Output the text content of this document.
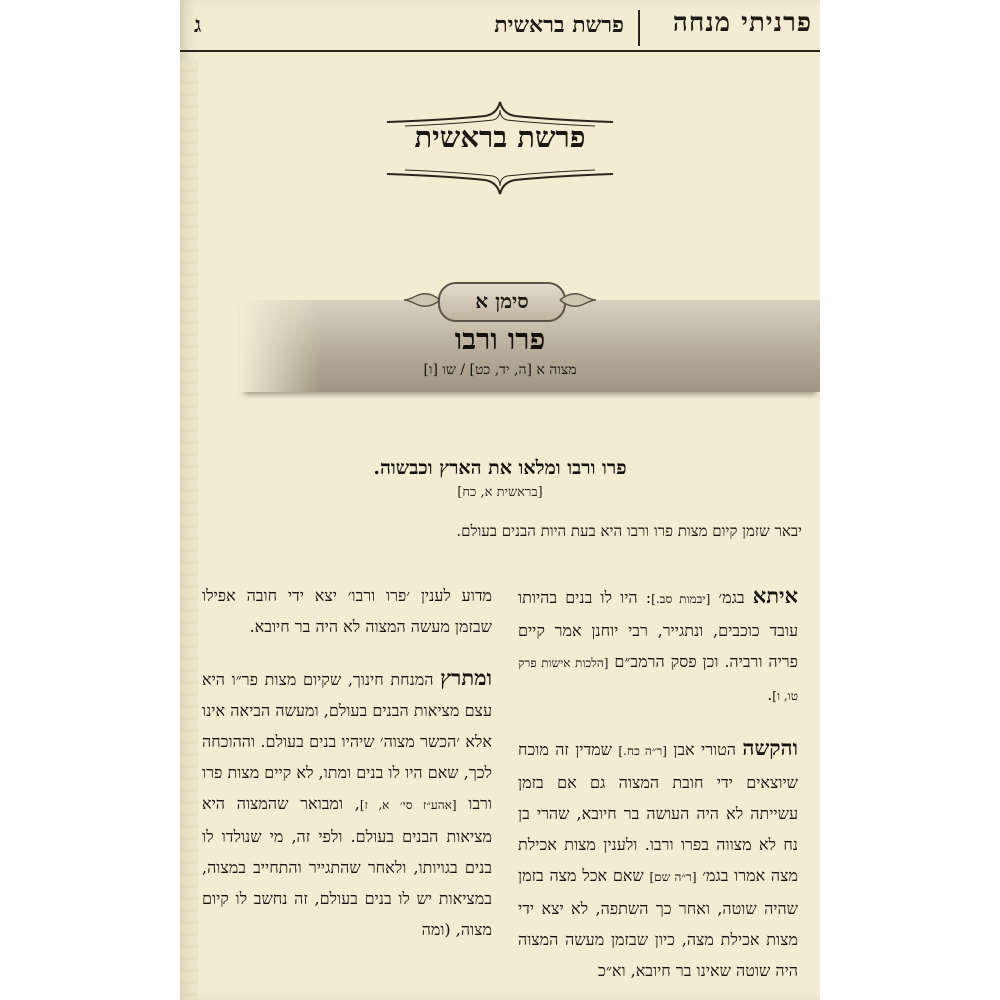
פרניתי מנחה
פרשת בראשית
ג
פרשת בראשית
סימן א
פרו ורבו
מצוה א [ה, יד, כט] / שו [ו]
פרו ורבו ומלאו את הארץ וכבשוה.
[בראשית א, כח]
יבאר שזמן קיום מצות פרו ורבו היא בעת היות הבנים בעולם.

איתא בגמ׳ [יבמות סב.]: היו לו בנים בהיותו עובד כוכבים, ונתגייר, רבי יוחנן אמר קיים פריה ורביה. וכן פסק הרמב״ם [הלכות אישות פרק טו, ו].

והקשה הטורי אבן [ר״ה כח.] שמדין זה מוכח שיוצאים ידי חובת המצוה גם אם בזמן עשייתה לא היה העושה בר חיובא, שהרי בן נח לא מצווה בפרו ורבו. ולענין מצות אכילת מצה אמרו בגמ׳ [ר״ה שם] שאם אכל מצה בזמן שהיה שוטה, ואחר כך השתפה, לא יצא ידי מצות אכילת מצה, כיון שבזמן מעשה המצוה היה שוטה שאינו בר חיובא, וא״כ

מדוע לענין ׳פרו ורבו׳ יצא ידי חובה אפילו שבזמן מעשה המצוה לא היה בר חיובא.

ומתרץ המנחת חינוך, שקיום מצות פר״ו היא עצם מציאות הבנים בעולם, ומעשה הביאה אינו אלא ׳הכשר מצוה׳ שיהיו בנים בעולם. וההוכחה לכך, שאם היו לו בנים ומתו, לא קיים מצות פרו ורבו [אהע״ז סי׳ א, ז], ומבואר שהמצוה היא מציאות הבנים בעולם. ולפי זה, מי שנולדו לו בנים בגויותו, ולאחר שהתגייר והתחייב במצוה, במציאות יש לו בנים בעולם, זה נחשב לו קיום מצוה, (ומה
